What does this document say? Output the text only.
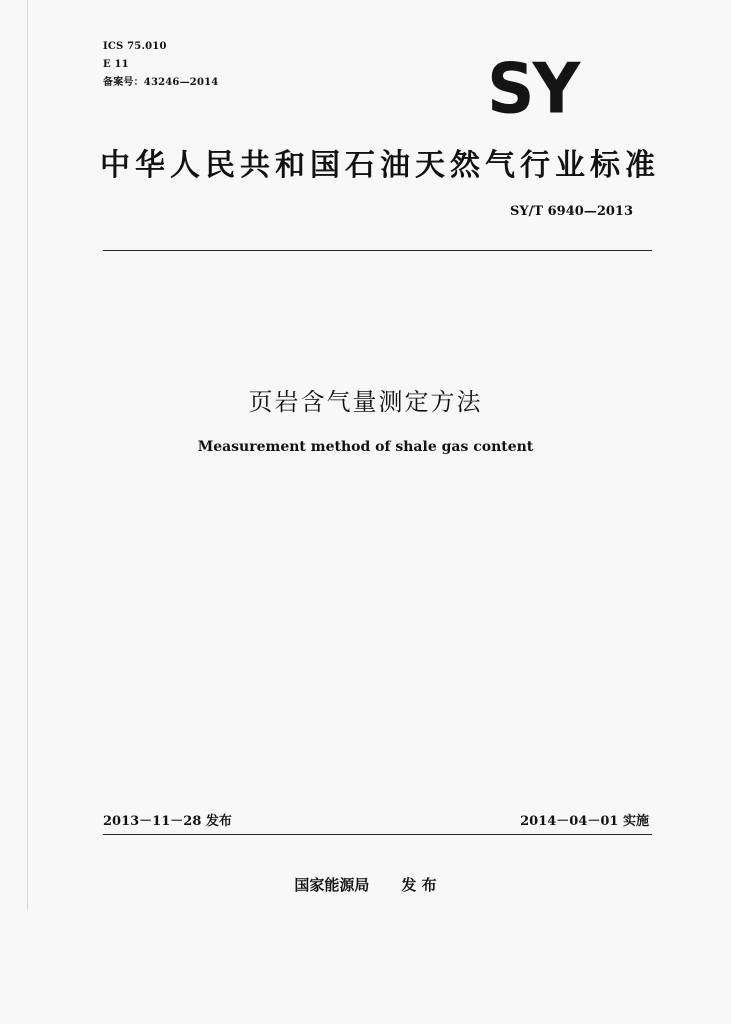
ICS 75.010
E 11
备案号：43246—2014	SY
中华人民共和国石油天然气行业标准
SY/T 6940—2013
页岩含气量测定方法
Measurement method of shale gas content
2013－11－28 发布	2014－04－01 实施
国家能源局 发 布
